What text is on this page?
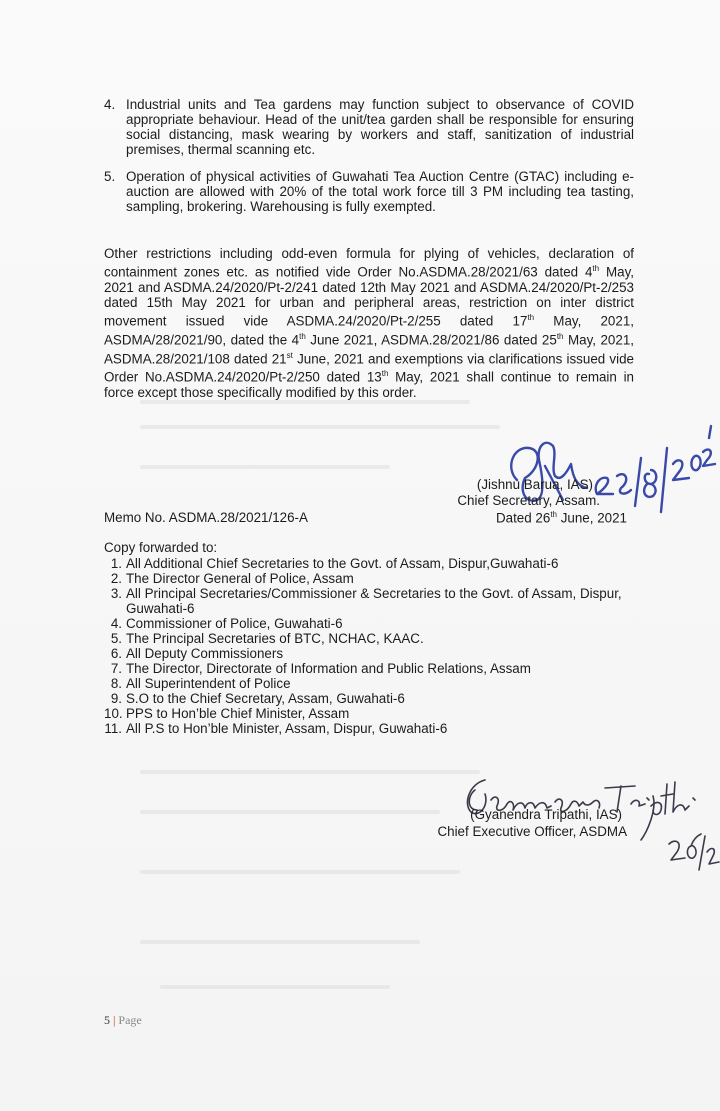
4. Industrial units and Tea gardens may function subject to observance of COVID appropriate behaviour. Head of the unit/tea garden shall be responsible for ensuring social distancing, mask wearing by workers and staff, sanitization of industrial premises, thermal scanning etc.
5. Operation of physical activities of Guwahati Tea Auction Centre (GTAC) including e-auction are allowed with 20% of the total work force till 3 PM including tea tasting, sampling, brokering. Warehousing is fully exempted.

Other restrictions including odd-even formula for plying of vehicles, declaration of containment zones etc. as notified vide Order No.ASDMA.28/2021/63 dated 4th May, 2021 and ASDMA.24/2020/Pt-2/241 dated 12th May 2021 and ASDMA.24/2020/Pt-2/253 dated 15th May 2021 for urban and peripheral areas, restriction on inter district movement issued vide ASDMA.24/2020/Pt-2/255 dated 17th May, 2021, ASDMA/28/2021/90, dated the 4th June 2021, ASDMA.28/2021/86 dated 25th May, 2021, ASDMA.28/2021/108 dated 21st June, 2021 and exemptions via clarifications issued vide Order No.ASDMA.24/2020/Pt-2/250 dated 13th May, 2021 shall continue to remain in force except those specifically modified by this order.

(Jishnu Barua, IAS)
Chief Secretary, Assam.
Memo No. ASDMA.28/2021/126-A	Dated 26th June, 2021
Copy forwarded to:
1. All Additional Chief Secretaries to the Govt. of Assam, Dispur,Guwahati-6
2. The Director General of Police, Assam
3. All Principal Secretaries/Commissioner & Secretaries to the Govt. of Assam, Dispur, Guwahati-6
4. Commissioner of Police, Guwahati-6
5. The Principal Secretaries of BTC, NCHAC, KAAC.
6. All Deputy Commissioners
7. The Director, Directorate of Information and Public Relations, Assam
8. All Superintendent of Police
9. S.O to the Chief Secretary, Assam, Guwahati-6
10. PPS to Hon’ble Chief Minister, Assam
11. All P.S to Hon’ble Minister, Assam, Dispur, Guwahati-6
(Gyanendra Tripathi, IAS)
Chief Executive Officer, ASDMA
5 | Page
